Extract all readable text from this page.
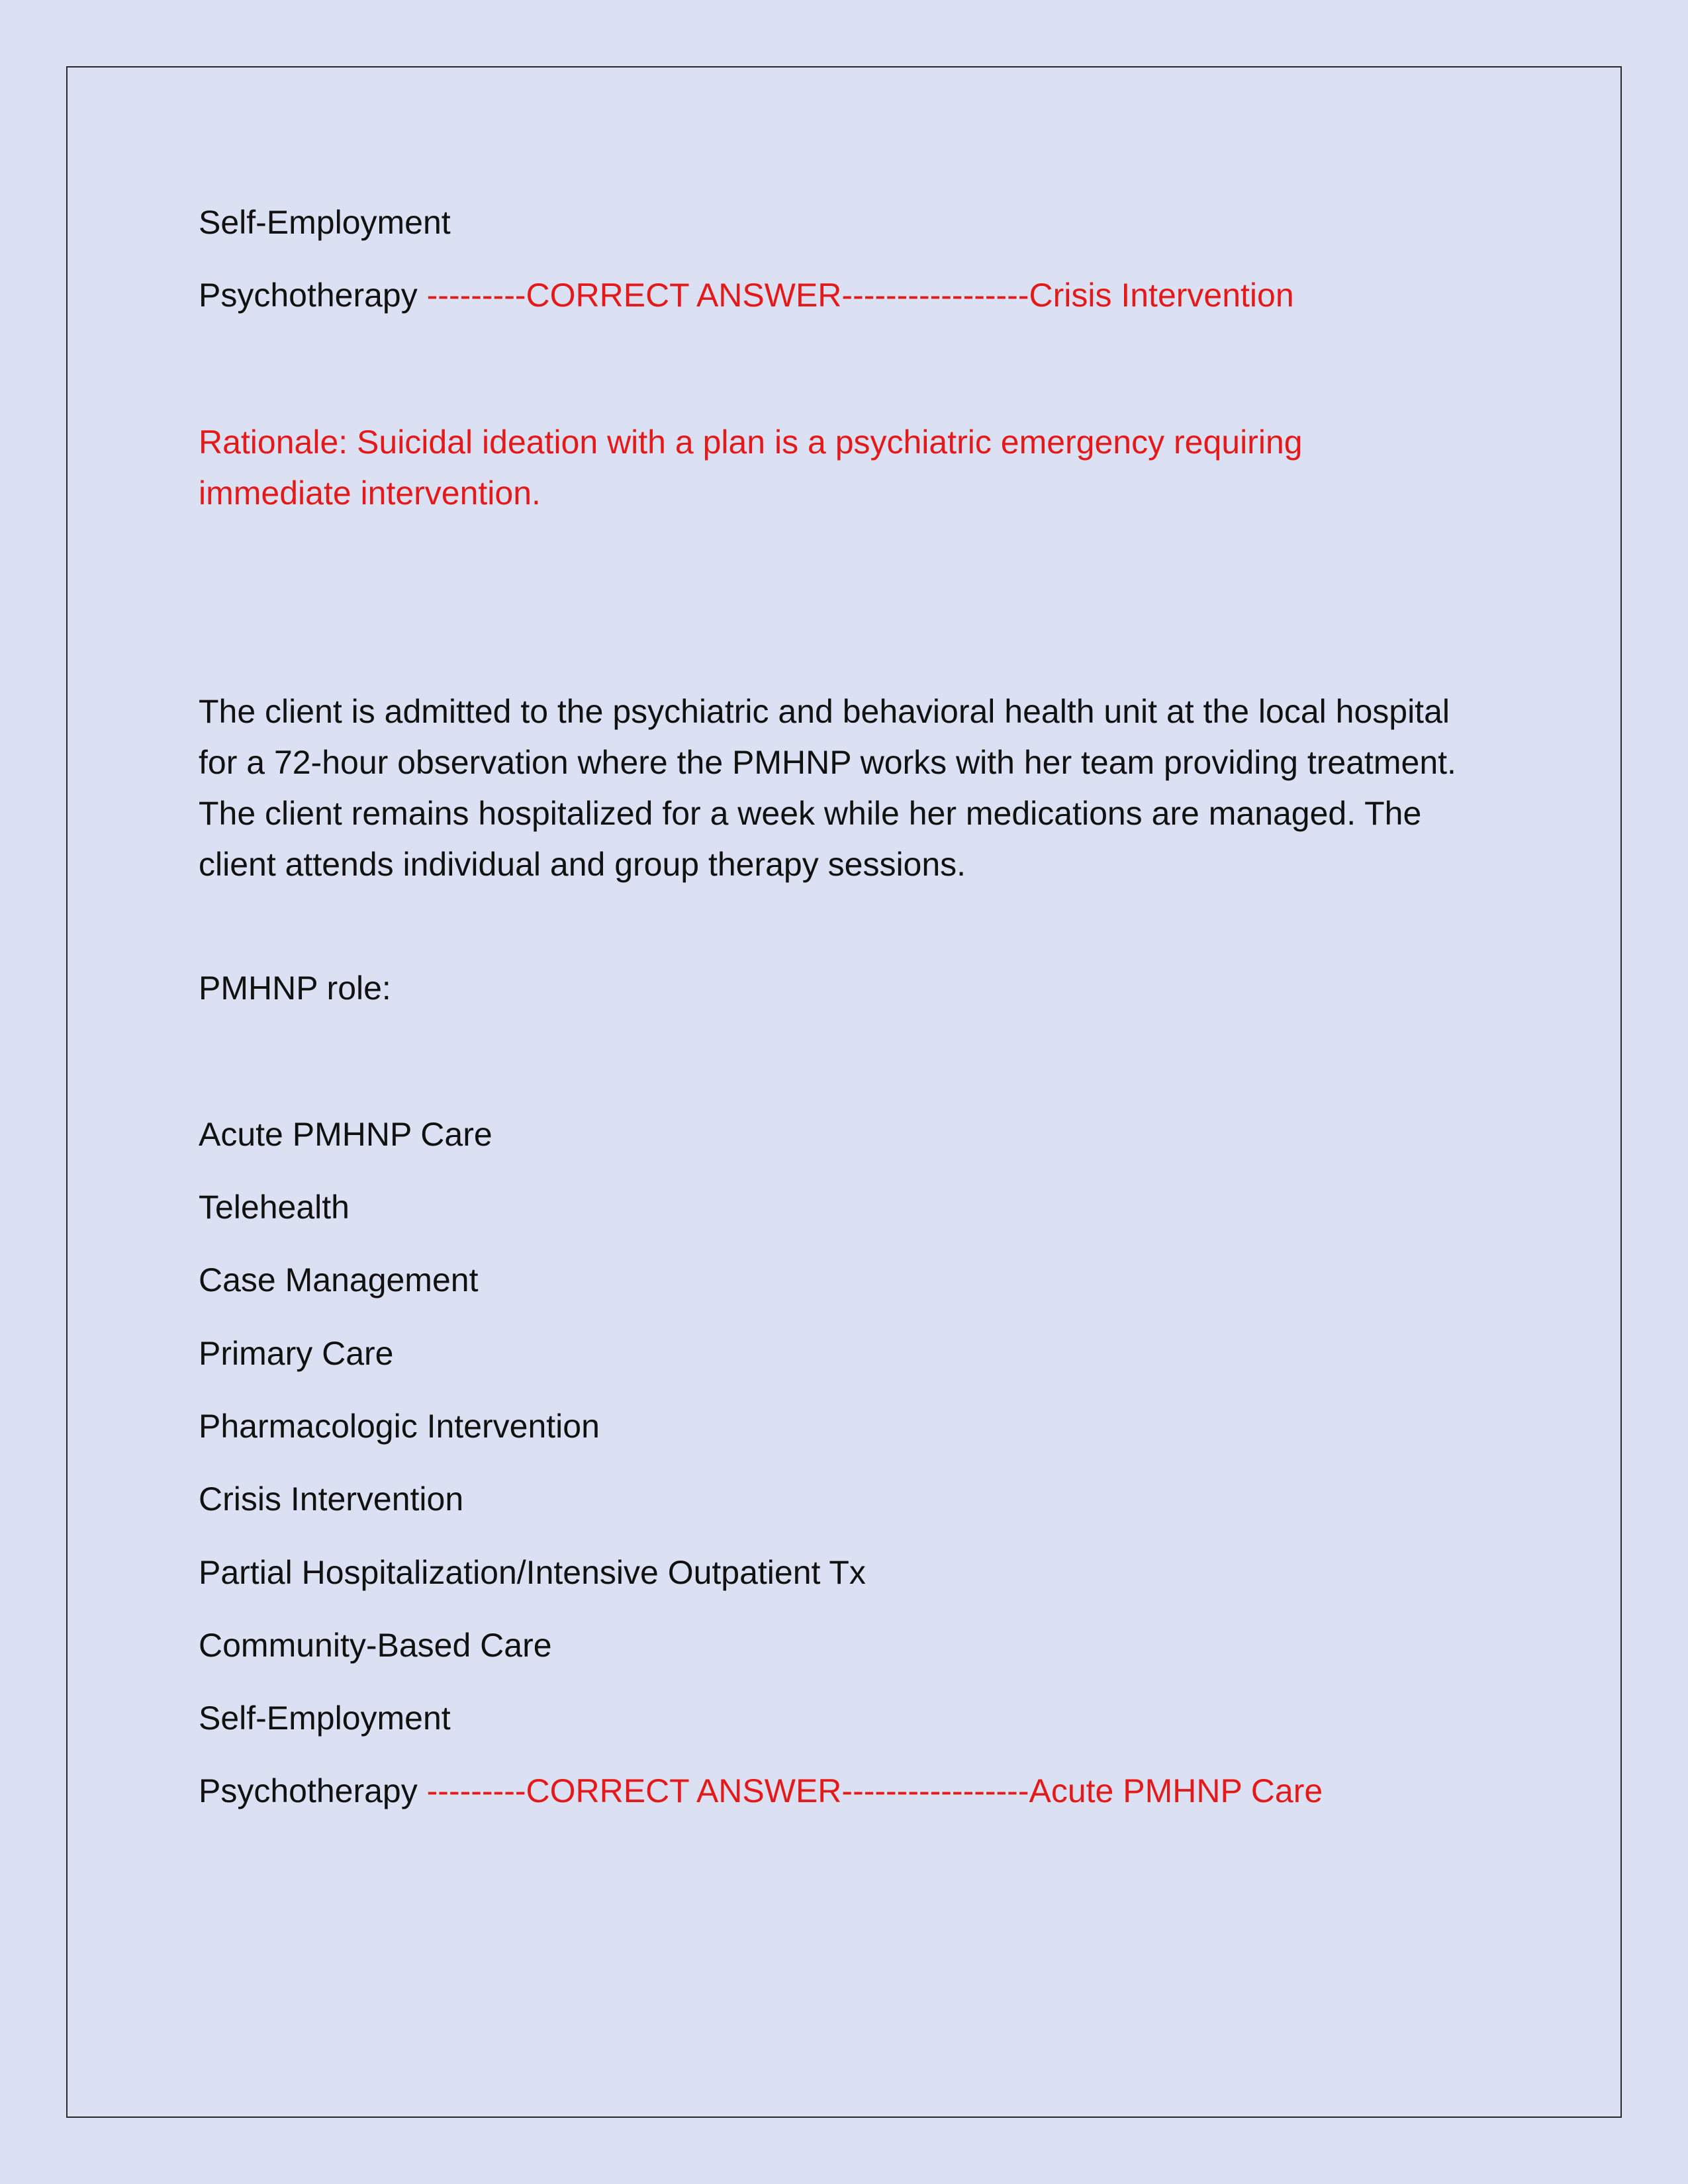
Self-Employment
Psychotherapy ---------CORRECT ANSWER-----------------Crisis Intervention
Rationale: Suicidal ideation with a plan is a psychiatric emergency requiring immediate intervention.
The client is admitted to the psychiatric and behavioral health unit at the local hospital for a 72-hour observation where the PMHNP works with her team providing treatment. The client remains hospitalized for a week while her medications are managed. The client attends individual and group therapy sessions.
PMHNP role:
Acute PMHNP Care
Telehealth
Case Management
Primary Care
Pharmacologic Intervention
Crisis Intervention
Partial Hospitalization/Intensive Outpatient Tx
Community-Based Care
Self-Employment
Psychotherapy ---------CORRECT ANSWER-----------------Acute PMHNP Care
